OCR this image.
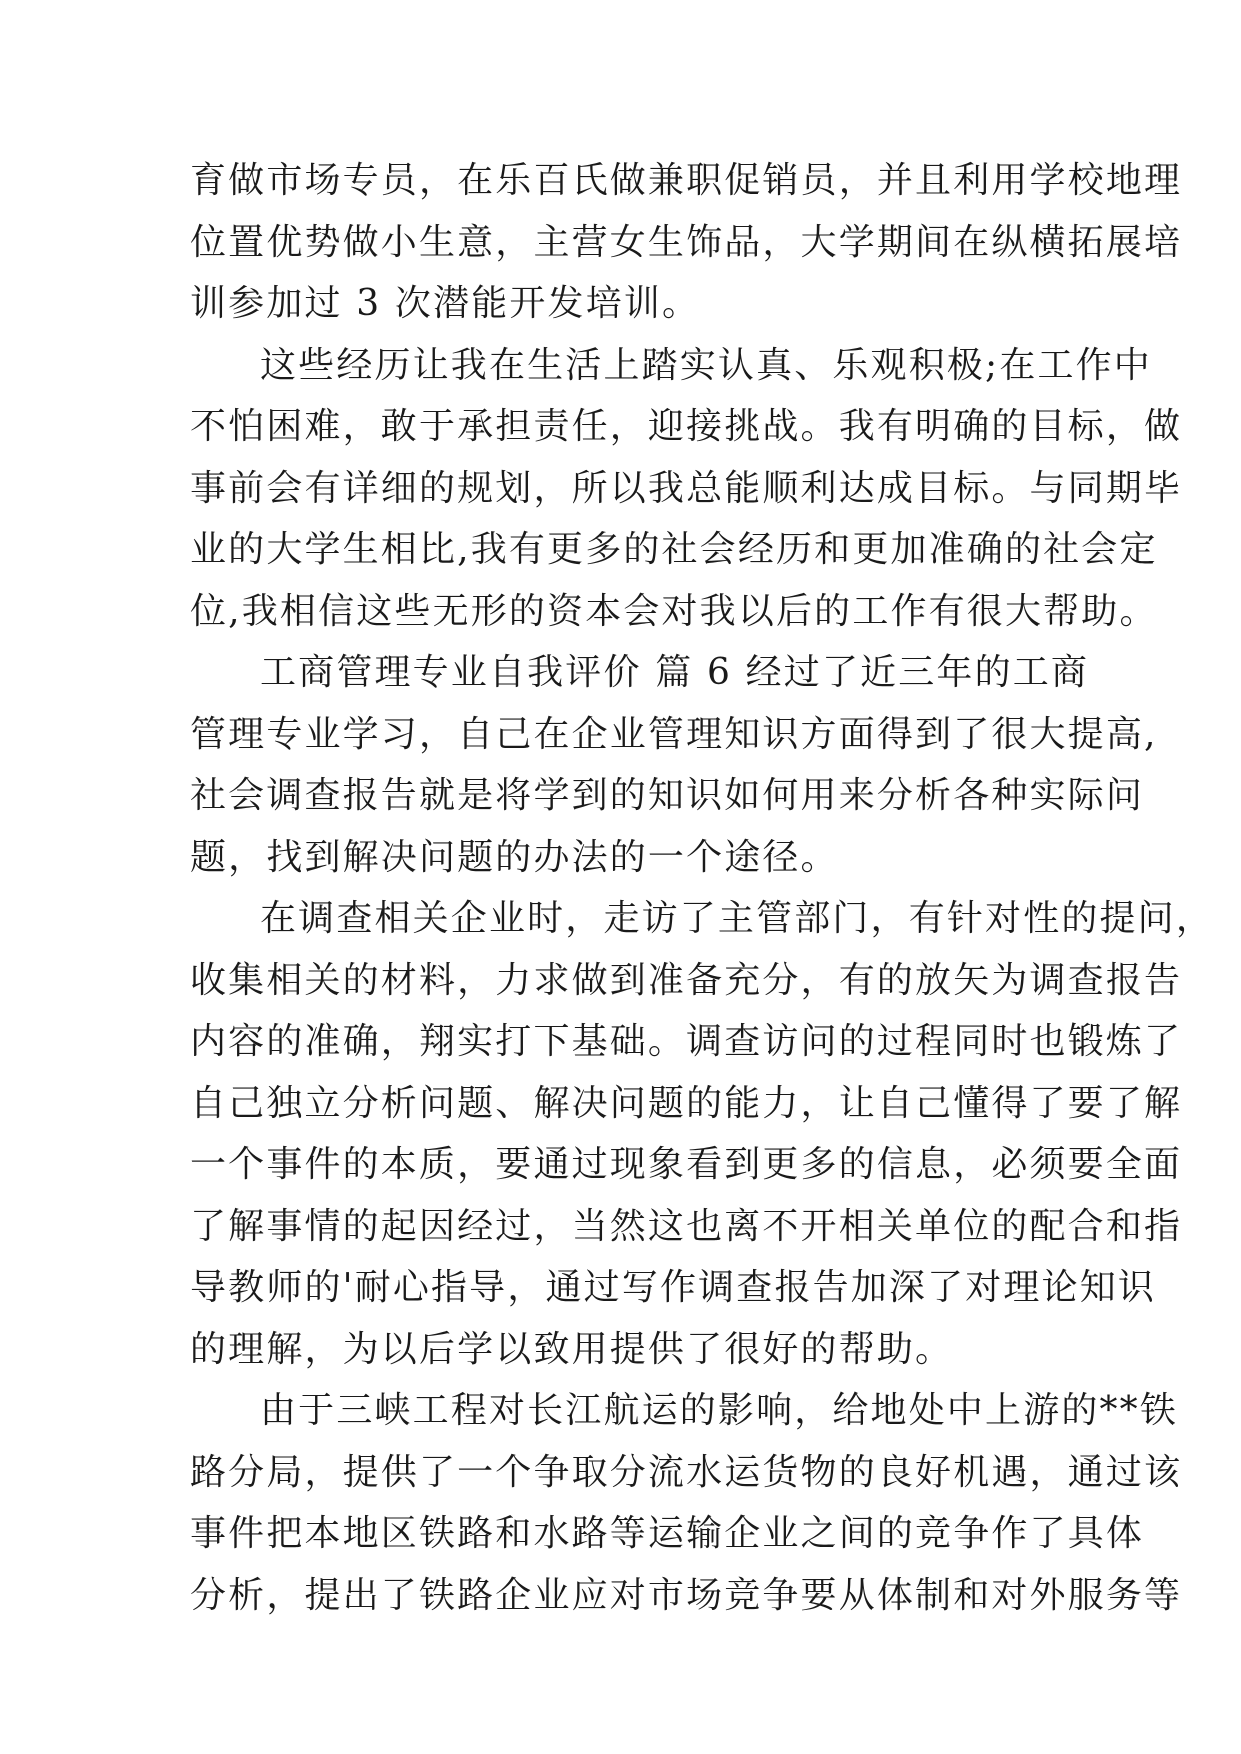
育做市场专员，在乐百氏做兼职促销员，并且利用学校地理
位置优势做小生意，主营女生饰品，大学期间在纵横拓展培
训参加过 3 次潜能开发培训。
这些经历让我在生活上踏实认真、乐观积极;在工作中
不怕困难，敢于承担责任，迎接挑战。我有明确的目标，做
事前会有详细的规划，所以我总能顺利达成目标。与同期毕
业的大学生相比,我有更多的社会经历和更加准确的社会定
位,我相信这些无形的资本会对我以后的工作有很大帮助。
工商管理专业自我评价 篇 6 经过了近三年的工商
管理专业学习，自己在企业管理知识方面得到了很大提高,
社会调查报告就是将学到的知识如何用来分析各种实际问
题，找到解决问题的办法的一个途径。
在调查相关企业时，走访了主管部门，有针对性的提问，
收集相关的材料，力求做到准备充分，有的放矢为调查报告
内容的准确，翔实打下基础。调查访问的过程同时也锻炼了
自己独立分析问题、解决问题的能力，让自己懂得了要了解
一个事件的本质，要通过现象看到更多的信息，必须要全面
了解事情的起因经过，当然这也离不开相关单位的配合和指
导教师的'耐心指导，通过写作调查报告加深了对理论知识
的理解，为以后学以致用提供了很好的帮助。
由于三峡工程对长江航运的影响，给地处中上游的**铁
路分局，提供了一个争取分流水运货物的良好机遇，通过该
事件把本地区铁路和水路等运输企业之间的竞争作了具体
分析，提出了铁路企业应对市场竞争要从体制和对外服务等
